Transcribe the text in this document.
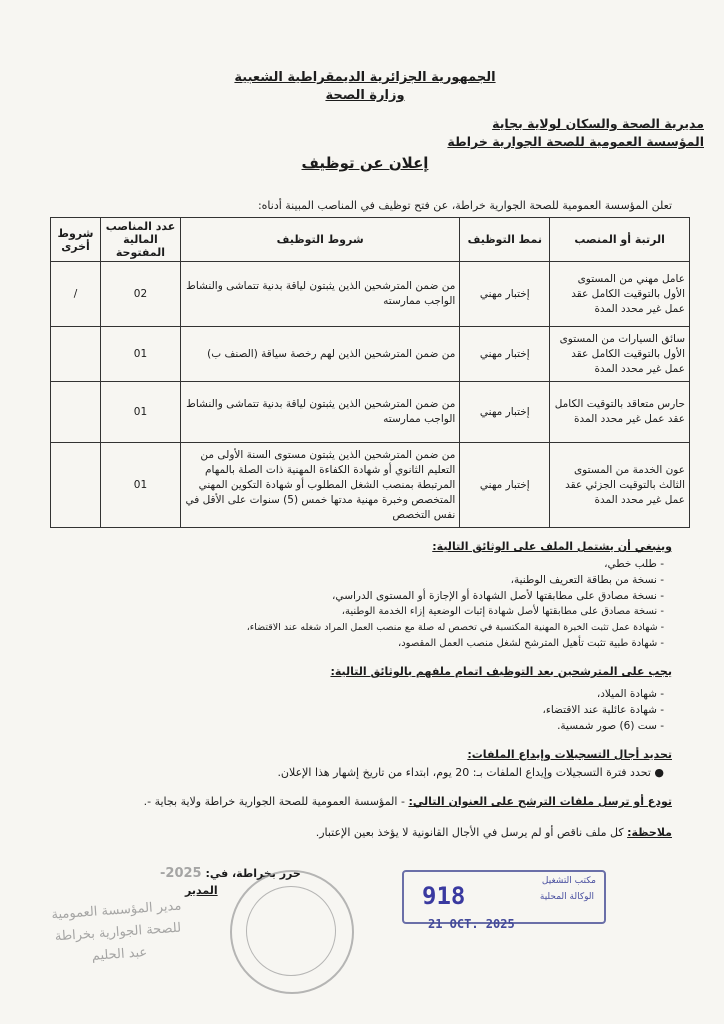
الجمهورية الجزائرية الديمقراطية الشعبية
وزارة الصحة
مديرية الصحة والسكان لولاية بجاية
المؤسسة العمومية للصحة الجوارية خراطة
إعلان عن توظيف
تعلن المؤسسة العمومية للصحة الجوارية خراطة، عن فتح توظيف في المناصب المبينة أدناه:
الرتبة أو المنصب	نمط التوظيف	شروط التوظيف	عدد المناصب المالية المفتوحة	شروط أخرى
عامل مهني من المستوى الأول بالتوقيت الكامل عقد عمل غير محدد المدة	إختبار مهني	من ضمن المترشحين الذين يثبتون لياقة بدنية تتماشى والنشاط الواجب ممارسته	02	/
سائق السيارات من المستوى الأول بالتوقيت الكامل عقد عمل غير محدد المدة	إختبار مهني	من ضمن المترشحين الذين لهم رخصة سياقة (الصنف ب)	01	
حارس متعاقد بالتوقيت الكامل عقد عمل غير محدد المدة	إختبار مهني	من ضمن المترشحين الذين يثبتون لياقة بدنية تتماشى والنشاط الواجب ممارسته	01	
عون الخدمة من المستوى الثالث بالتوقيت الجزئي عقد عمل غير محدد المدة	إختبار مهني	من ضمن المترشحين الذين يثبتون مستوى السنة الأولى من التعليم الثانوي أو شهادة الكفاءة المهنية ذات الصلة بالمهام المرتبطة بمنصب الشغل المطلوب أو شهادة التكوين المهني المتخصص وخبرة مهنية مدتها خمس (5) سنوات على الأقل في نفس التخصص	01	
وينبغي أن يشتمل الملف على الوثائق التالية:
- طلب خطي،
- نسخة من بطاقة التعريف الوطنية،
- نسخة مصادق على مطابقتها لأصل الشهادة أو الإجازة أو المستوى الدراسي،
- نسخة مصادق على مطابقتها لأصل شهادة إثبات الوضعية إزاء الخدمة الوطنية،
- شهادة عمل تثبت الخبرة المهنية المكتسبة في تخصص له صلة مع منصب العمل المراد شغله عند الاقتضاء،
- شهادة طبية تثبت تأهيل المترشح لشغل منصب العمل المقصود،
يجب على المترشحين بعد التوظيف اتمام ملفهم بالوثائق التالية:
- شهادة الميلاد،
- شهادة عائلية عند الاقتضاء،
- ست (6) صور شمسية.
تحديد أجال التسجيلات وإيداع الملفات:
● تحدد فترة التسجيلات وإيداع الملفات بـ: 20 يوم، ابتداء من تاريخ إشهار هذا الإعلان.
تودع أو ترسل ملفات الترشح على العنوان التالي: - المؤسسة العمومية للصحة الجوارية خراطة ولاية بجاية -.
ملاحظة: كل ملف ناقص أو لم يرسل في الأجال القانونية لا يؤخذ بعين الإعتبار.
حرر بخراطة، في: 2025-
المدير
مدير المؤسسة العمومية
للصحة الجوارية بخراطة
عبد الحليم
مكتب التشغيل
الوكالة المحلية
918
21 OCT. 2025
